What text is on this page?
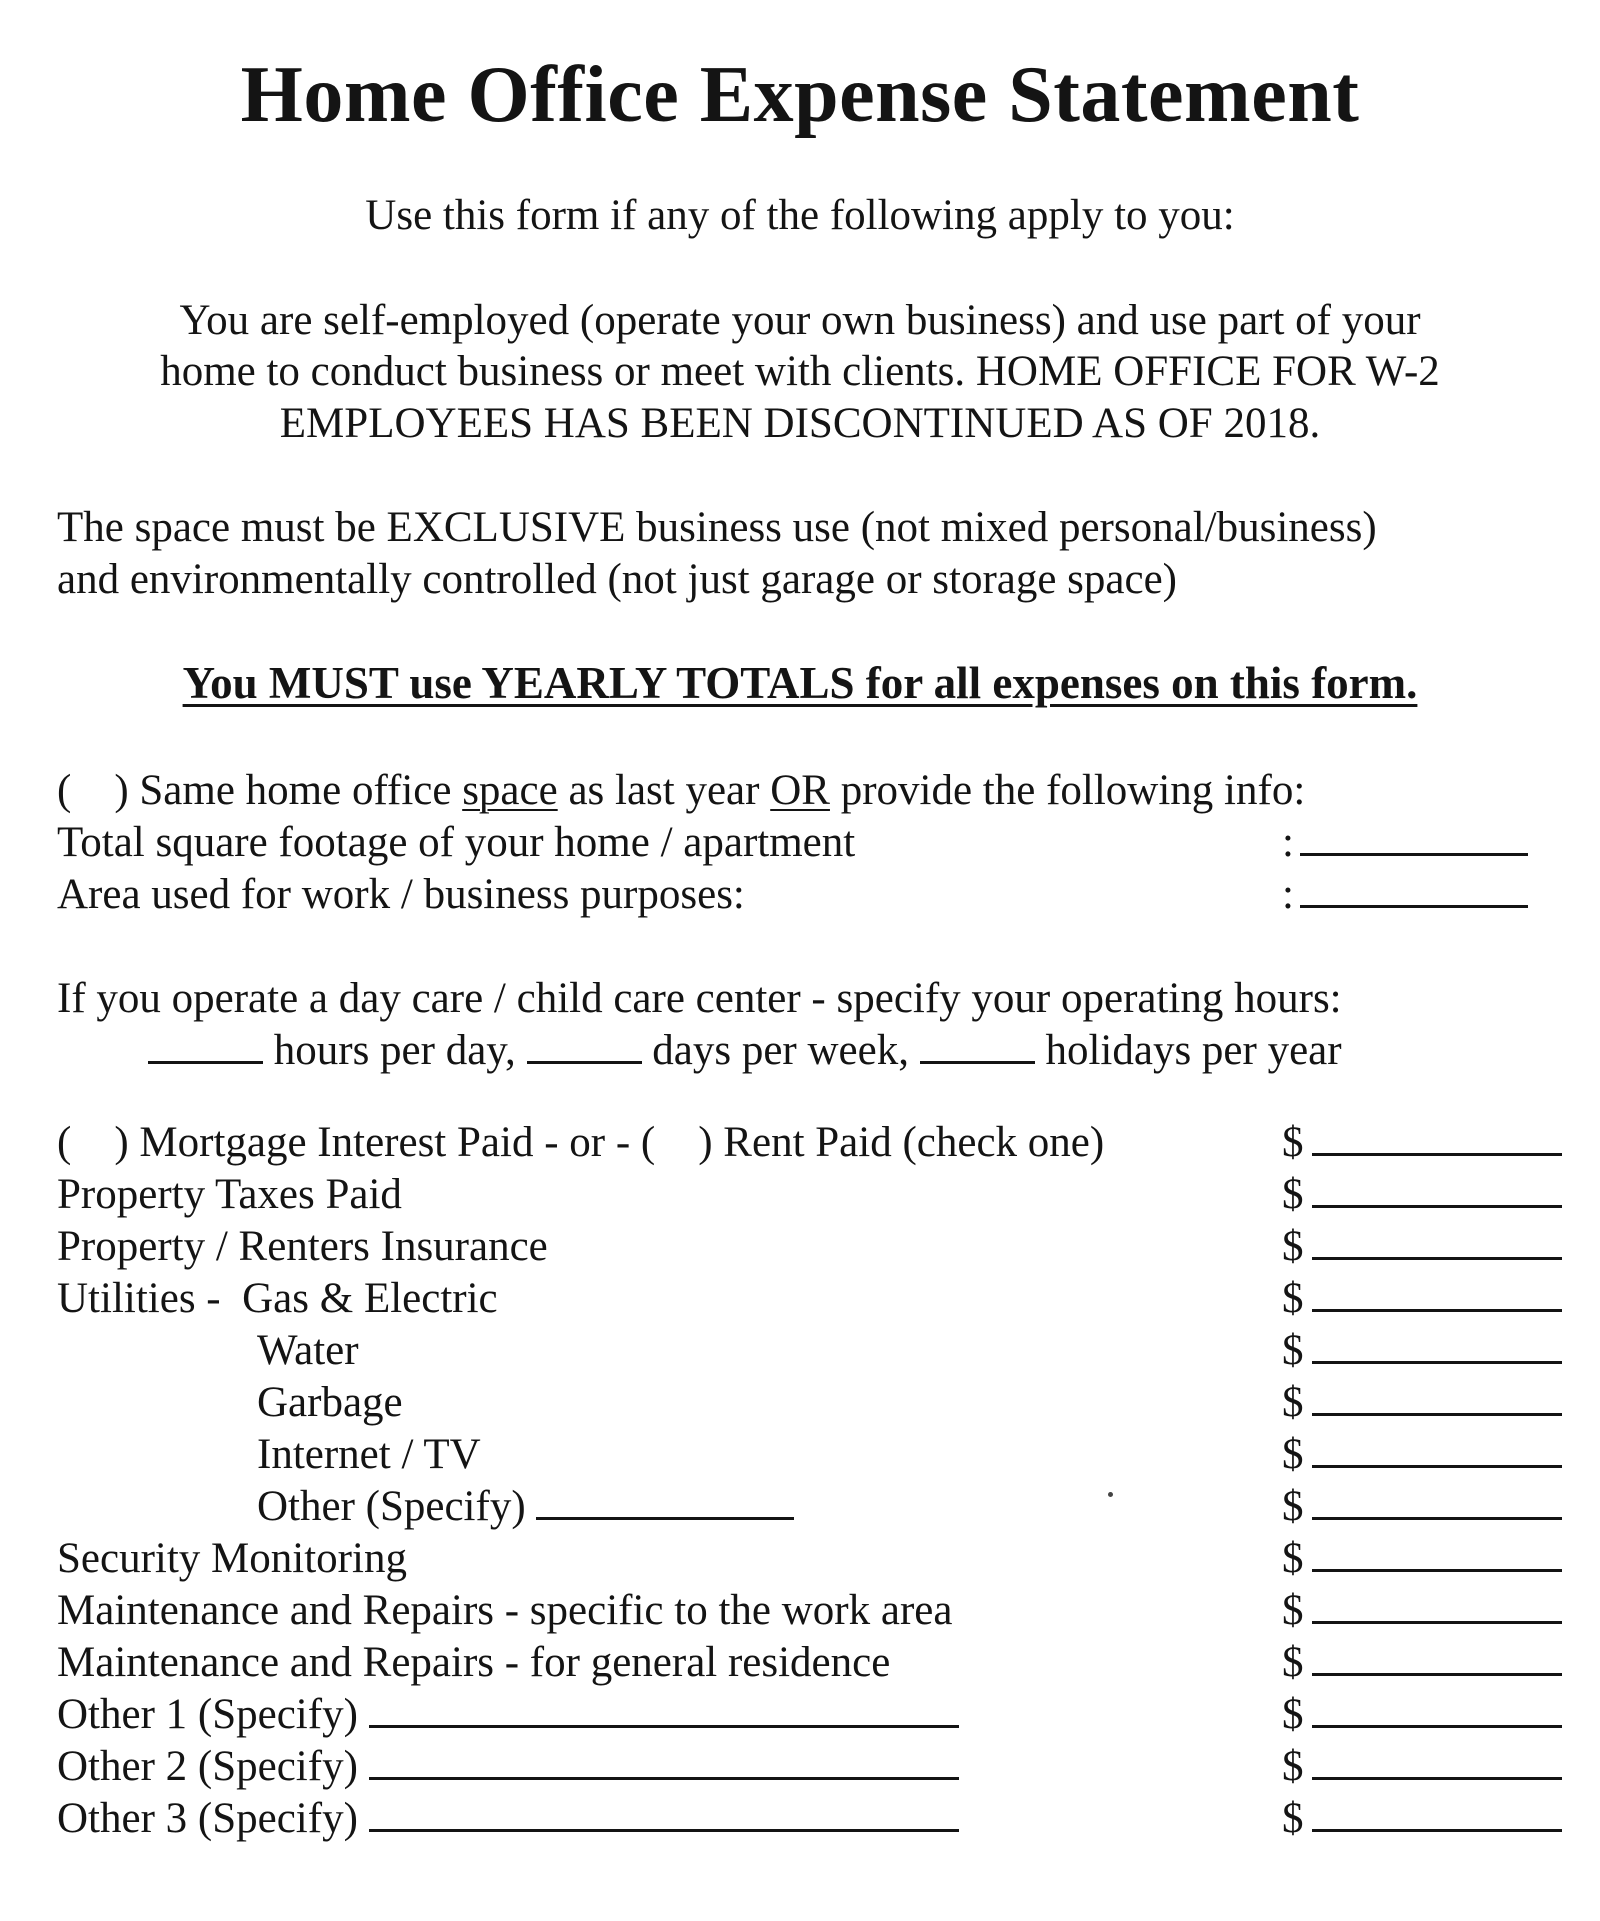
Home Office Expense Statement
Use this form if any of the following apply to you:
You are self-employed (operate your own business) and use part of your
home to conduct business or meet with clients. HOME OFFICE FOR W-2
EMPLOYEES HAS BEEN DISCONTINUED AS OF 2018.
The space must be EXCLUSIVE business use (not mixed personal/business)
and environmentally controlled (not just garage or storage space)
You MUST use YEARLY TOTALS for all expenses on this form.
(    ) Same home office space as last year OR provide the following info:
Total square footage of your home / apartment	:
Area used for work / business purposes:	:
If you operate a day care / child care center - specify your operating hours:
hours per day,	days per week,	holidays per year
(    ) Mortgage Interest Paid - or - (    ) Rent Paid (check one)	$
Property Taxes Paid	$
Property / Renters Insurance	$
Utilities -  Gas & Electric	$
Water	$
Garbage	$
Internet / TV	$
Other (Specify)	$
Security Monitoring	$
Maintenance and Repairs - specific to the work area	$
Maintenance and Repairs - for general residence	$
Other 1 (Specify)	$
Other 2 (Specify)	$
Other 3 (Specify)	$
